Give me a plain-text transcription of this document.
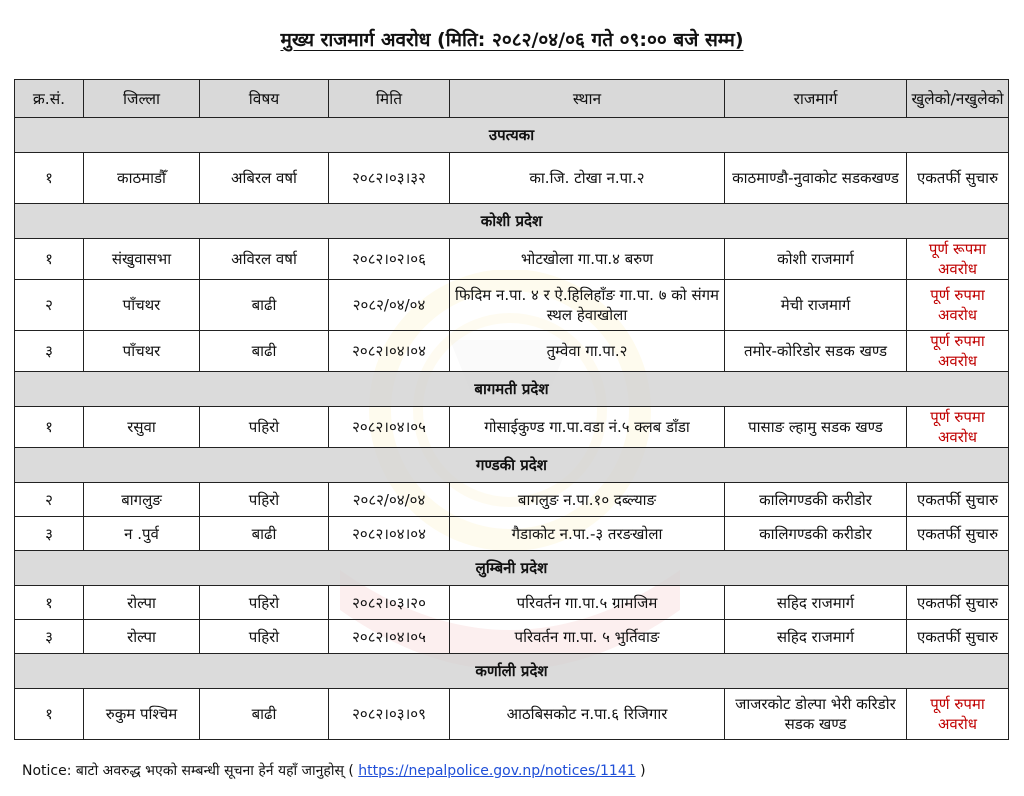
मुख्य राजमार्ग अवरोध (मिति: २०८२/०४/०६ गते ०९:०० बजे सम्म)
क्र.सं.	जिल्ला	विषय	मिति	स्थान	राजमार्ग	खुलेको/नखुलेको
उपत्यका						
१	काठमाडौँ	अबिरल वर्षा	२०८२।०३।३२	का.जि. टोखा न.पा.२	काठमाण्डौ-नुवाकोट सडकखण्ड	एकतर्फी सुचारु
कोशी प्रदेश						
१	संखुवासभा	अविरल वर्षा	२०८२।०२।०६	भोटखोला गा.पा.४ बरुण	कोशी राजमार्ग	पूर्ण रूपमा अवरोध
२	पाँचथर	बाढी	२०८२/०४/०४	फिदिम न.पा. ४ र ऐ.हिलिहाँङ गा.पा. ७ को संगम स्थल हेवाखोला	मेची राजमार्ग	पूर्ण रुपमा अवरोध
३	पाँचथर	बाढी	२०८२।०४।०४	तुम्वेवा गा.पा.२	तमोर-कोरिडोर सडक खण्ड	पूर्ण रुपमा अवरोध
बागमती प्रदेश						
१	रसुवा	पहिरो	२०८२।०४।०५	गोसाईकुण्ड गा.पा.वडा नं.५ क्लब डाँडा	पासाङ ल्हामु सडक खण्ड	पूर्ण रुपमा अवरोध
गण्डकी प्रदेश						
२	बागलुङ	पहिरो	२०८२/०४/०४	बागलुङ न.पा.१० दब्ल्याङ	कालिगण्डकी करीडोर	एकतर्फी सुचारु
३	न .पुर्व	बाढी	२०८२।०४।०४	गैडाकोट न.पा.-३ तरङखोला	कालिगण्डकी करीडोर	एकतर्फी सुचारु
लुम्बिनी प्रदेश						
१	रोल्पा	पहिरो	२०८२।०३।२०	परिवर्तन गा.पा.५ ग्रामजिम	सहिद राजमार्ग	एकतर्फी सुचारु
३	रोल्पा	पहिरो	२०८२।०४।०५	परिवर्तन गा.पा. ५ भुर्तिवाङ	सहिद राजमार्ग	एकतर्फी सुचारु
कर्णाली प्रदेश						
१	रुकुम पश्चिम	बाढी	२०८२।०३।०९	आठबिसकोट न.पा.६ रिजिगार	जाजरकोट डोल्पा भेरी करिडोर सडक खण्ड	पूर्ण रुपमा अवरोध
Notice: बाटो अवरुद्ध भएको सम्बन्धी सूचना हेर्न यहाँ जानुहोस् ( https://nepalpolice.gov.np/notices/1141 )
